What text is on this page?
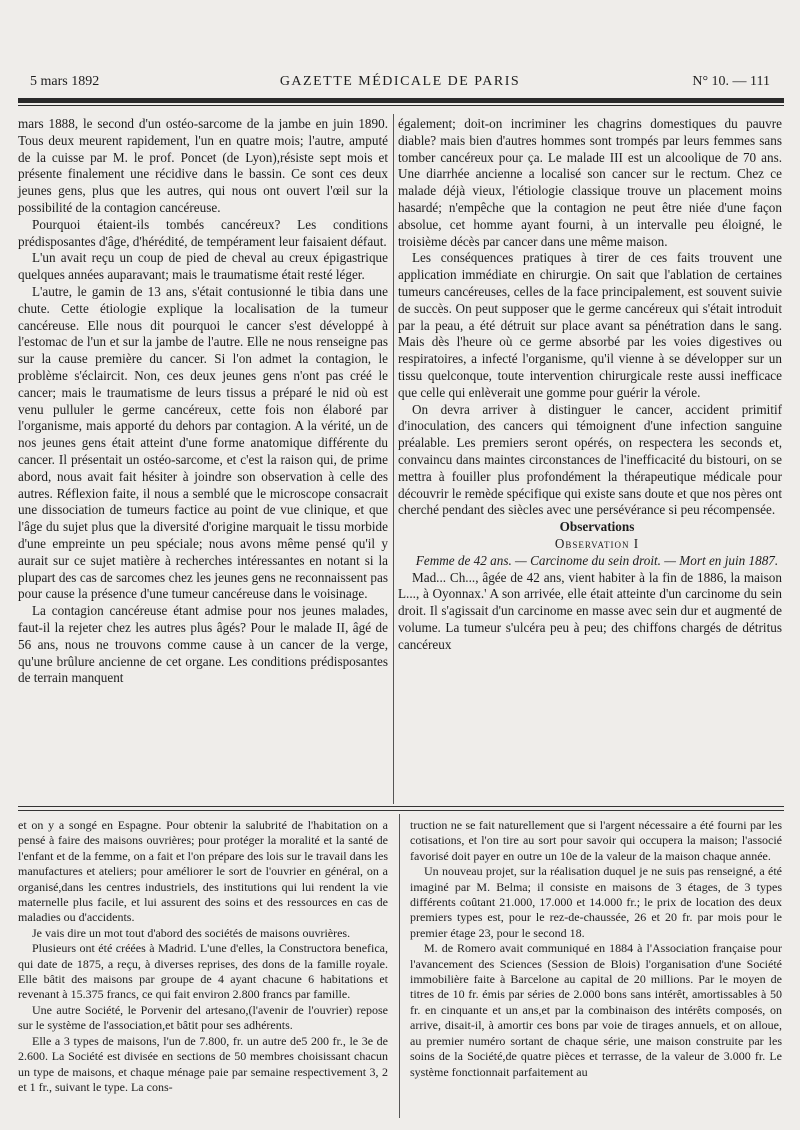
5 mars 1892	GAZETTE MÉDICALE DE PARIS	N° 10. — 111

mars 1888, le second d'un ostéo-sarcome de la jambe en juin 1890. Tous deux meurent rapidement, l'un en quatre mois; l'autre, amputé de la cuisse par M. le prof. Poncet (de Lyon),résiste sept mois et présente finalement une récidive dans le bassin. Ce sont ces deux jeunes gens, plus que les autres, qui nous ont ouvert l'œil sur la possibilité de la contagion cancéreuse.

Pourquoi étaient-ils tombés cancéreux? Les conditions prédisposantes d'âge, d'hérédité, de tempérament leur faisaient défaut.

L'un avait reçu un coup de pied de cheval au creux épigastrique quelques années auparavant; mais le traumatisme était resté léger.

L'autre, le gamin de 13 ans, s'était contusionné le tibia dans une chute. Cette étiologie explique la localisation de la tumeur cancéreuse. Elle nous dit pourquoi le cancer s'est développé à l'estomac de l'un et sur la jambe de l'autre. Elle ne nous renseigne pas sur la cause première du cancer. Si l'on admet la contagion, le problème s'éclaircit. Non, ces deux jeunes gens n'ont pas créé le cancer; mais le traumatisme de leurs tissus a préparé le nid où est venu pulluler le germe cancéreux, cette fois non élaboré par l'organisme, mais apporté du dehors par contagion. A la vérité, un de nos jeunes gens était atteint d'une forme anatomique différente du cancer. Il présentait un ostéo-sarcome, et c'est la raison qui, de prime abord, nous avait fait hésiter à joindre son observation à celle des autres. Réflexion faite, il nous a semblé que le microscope consacrait une dissociation de tumeurs factice au point de vue clinique, et que l'âge du sujet plus que la diversité d'origine marquait le tissu morbide d'une empreinte un peu spéciale; nous avons même pensé qu'il y aurait sur ce sujet matière à recherches intéressantes en notant si la plupart des cas de sarcomes chez les jeunes gens ne reconnaissent pas pour cause la présence d'une tumeur cancéreuse dans le voisinage.

La contagion cancéreuse étant admise pour nos jeunes malades, faut-il la rejeter chez les autres plus âgés? Pour le malade II, âgé de 56 ans, nous ne trouvons comme cause à un cancer de la verge, qu'une brûlure ancienne de cet organe. Les conditions prédisposantes de terrain manquent

également; doit-on incriminer les chagrins domestiques du pauvre diable? mais bien d'autres hommes sont trompés par leurs femmes sans tomber cancéreux pour ça. Le malade III est un alcoolique de 70 ans. Une diarrhée ancienne a localisé son cancer sur le rectum. Chez ce malade déjà vieux, l'étiologie classique trouve un placement moins hasardé; n'empêche que la contagion ne peut être niée d'une façon absolue, cet homme ayant fourni, à un intervalle peu éloigné, le troisième décès par cancer dans une même maison.

Les conséquences pratiques à tirer de ces faits trouvent une application immédiate en chirurgie. On sait que l'ablation de certaines tumeurs cancéreuses, celles de la face principalement, est souvent suivie de succès. On peut supposer que le germe cancéreux qui s'était introduit par la peau, a été détruit sur place avant sa pénétration dans le sang. Mais dès l'heure où ce germe absorbé par les voies digestives ou respiratoires, a infecté l'organisme, qu'il vienne à se développer sur un tissu quelconque, toute intervention chirurgicale reste aussi inefficace que celle qui enlèverait une gomme pour guérir la vérole.

On devra arriver à distinguer le cancer, accident primitif d'inoculation, des cancers qui témoignent d'une infection sanguine préalable. Les premiers seront opérés, on respectera les seconds et, convaincu dans maintes circonstances de l'inefficacité du bistouri, on se mettra à fouiller plus profondément la thérapeutique médicale pour découvrir le remède spécifique qui existe sans doute et que nos pères ont cherché pendant des siècles avec une persévérance si peu récompensée.

Observations

Observation I

Femme de 42 ans. — Carcinome du sein droit. — Mort en juin 1887.

Mad... Ch..., âgée de 42 ans, vient habiter à la fin de 1886, la maison L..., à Oyonnax.' A son arrivée, elle était atteinte d'un carcinome du sein droit. Il s'agissait d'un carcinome en masse avec sein dur et augmenté de volume. La tumeur s'ulcéra peu à peu; des chiffons chargés de détritus cancéreux

et on y a songé en Espagne. Pour obtenir la salubrité de l'habitation on a pensé à faire des maisons ouvrières; pour protéger la moralité et la santé de l'enfant et de la femme, on a fait et l'on prépare des lois sur le travail dans les manufactures et ateliers; pour améliorer le sort de l'ouvrier en général, on a organisé,dans les centres industriels, des institutions qui lui rendent la vie maternelle plus facile, et lui assurent des soins et des ressources en cas de maladies ou d'accidents.

Je vais dire un mot tout d'abord des sociétés de maisons ouvrières.

Plusieurs ont été créées à Madrid. L'une d'elles, la Constructora benefica, qui date de 1875, a reçu, à diverses reprises, des dons de la famille royale. Elle bâtit des maisons par groupe de 4 ayant chacune 6 habitations et revenant à 15.375 francs, ce qui fait environ 2.800 francs par famille.

Une autre Société, le Porvenir del artesano,(l'avenir de l'ouvrier) repose sur le système de l'association,et bâtit pour ses adhérents.

Elle a 3 types de maisons, l'un de 7.800, fr. un autre de5 200 fr., le 3e de 2.600. La Société est divisée en sections de 50 membres choisissant chacun un type de maisons, et chaque ménage paie par semaine respectivement 3, 2 et 1 fr., suivant le type. La cons-

truction ne se fait naturellement que si l'argent nécessaire a été fourni par les cotisations, et l'on tire au sort pour savoir qui occupera la maison; l'associé favorisé doit payer en outre un 10e de la valeur de la maison chaque année.

Un nouveau projet, sur la réalisation duquel je ne suis pas renseigné, a été imaginé par M. Belma; il consiste en maisons de 3 étages, de 3 types différents coûtant 21.000, 17.000 et 14.000 fr.; le prix de location des deux premiers types est, pour le rez-de-chaussée, 26 et 20 fr. par mois pour le premier étage 23, pour le second 18.

M. de Romero avait communiqué en 1884 à l'Association française pour l'avancement des Sciences (Session de Blois) l'organisation d'une Société immobilière faite à Barcelone au capital de 20 millions. Par le moyen de titres de 10 fr. émis par séries de 2.000 bons sans intérêt, amortissables à 50 fr. en cinquante et un ans,et par la combinaison des intérêts composés, on arrive, disait-il, à amortir ces bons par voie de tirages annuels, et on alloue, au premier numéro sortant de chaque série, une maison construite par les soins de la Société,de quatre pièces et terrasse, de la valeur de 3.000 fr. Le système fonctionnait parfaitement au
